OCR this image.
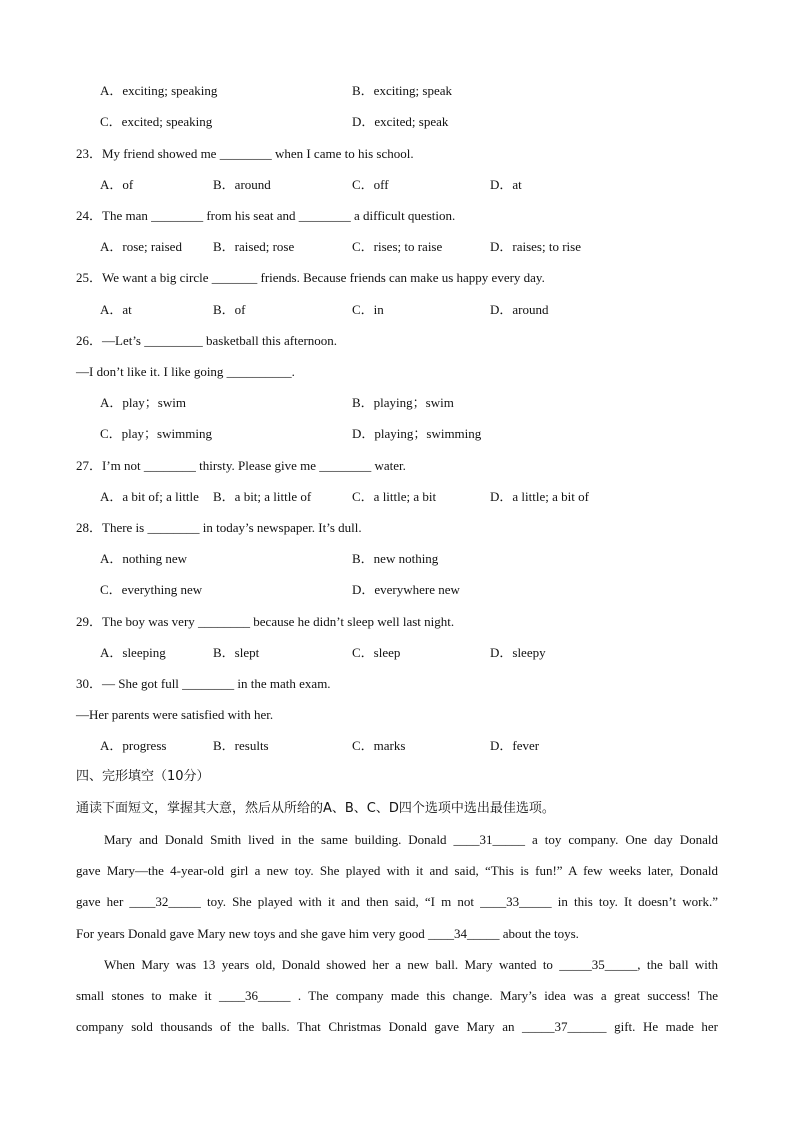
A．exciting; speaking	B．exciting; speak
C．excited; speaking	D．excited; speak
23．My friend showed me ________ when I came to his school.
A．of	B．around	C．off	D．at
24．The man ________ from his seat and ________ a difficult question.
A．rose; raised B．raised; rose	C．rises; to raise	D．raises; to rise
25．We want a big circle _______ friends. Because friends can make us happy every day.
A．at	B．of	C．in	D．around
26．—Let’s _________ basketball this afternoon.
—I don’t like it. I like going __________.
A．play；swim	B．playing；swim
C．play；swimming	D．playing；swimming
27．I’m not ________ thirsty. Please give me ________ water.
A．a bit of; a little B．a bit; a little of	C．a little; a bit	D．a little; a bit of
28．There is ________ in today’s newspaper. It’s dull.
A．nothing new	B．new nothing
C．everything new	D．everywhere new
29．The boy was very ________ because he didn’t sleep well last night.
A．sleeping	B．slept	C．sleep	D．sleepy
30．— She got full ________ in the math exam.
—Her parents were satisfied with her.
A．progress	B．results	C．marks	D．fever
四、完形填空（10分）
通读下面短文，掌握其大意，然后从所给的A、B、C、D四个选项中选出最佳选项。
Mary and Donald Smith lived in the same building. Donald ____31_____ a toy company. One day Donald
gave Mary—the 4-year-old girl a new toy. She played with it and said, “This is fun!” A few weeks later, Donald
gave her ____32_____ toy. She played with it and then said, “I m not ____33_____ in this toy. It doesn’t work.”
For years Donald gave Mary new toys and she gave him very good ____34_____ about the toys.
When Mary was 13 years old, Donald showed her a new ball. Mary wanted to _____35_____, the ball with
small stones to make it ____36_____ . The company made this change. Mary’s idea was a great success! The
company sold thousands of the balls. That Christmas Donald gave Mary an _____37______ gift. He made her
